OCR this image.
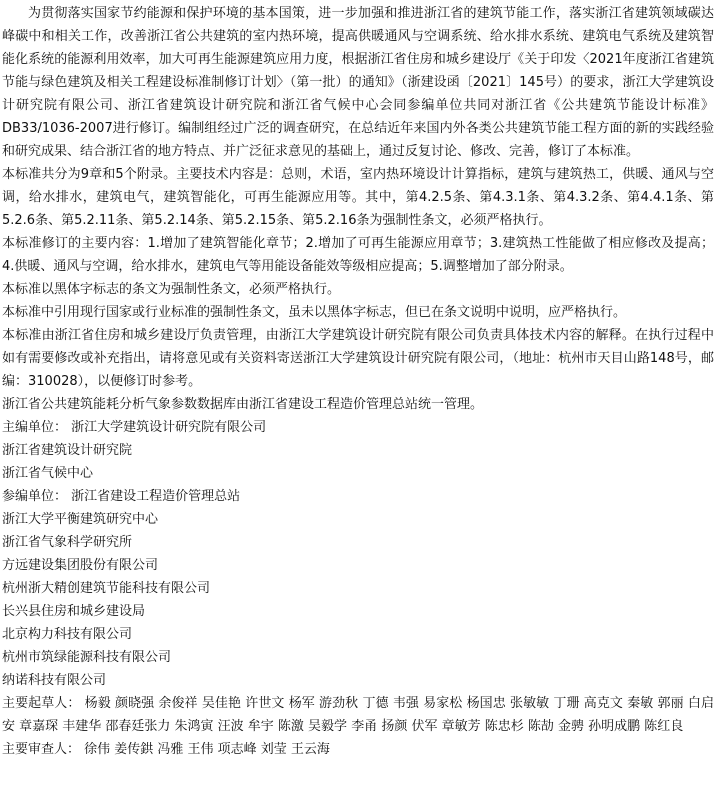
为贯彻落实国家节约能源和保护环境的基本国策，进一步加强和推进浙江省的建筑节能工作，落实浙江省建筑领域碳达峰碳中和相关工作，改善浙江省公共建筑的室内热环境，提高供暖通风与空调系统、给水排水系统、建筑电气系统及建筑智能化系统的能源利用效率，加大可再生能源建筑应用力度，根据浙江省住房和城乡建设厅《关于印发〈2021年度浙江省建筑节能与绿色建筑及相关工程建设标准制修订计划〉（第一批）的通知》（浙建设函〔2021〕145号）的要求，浙江大学建筑设计研究院有限公司、浙江省建筑设计研究院和浙江省气候中心会同参编单位共同对浙江省《公共建筑节能设计标准》DB33/1036-2007进行修订。编制组经过广泛的调查研究，在总结近年来国内外各类公共建筑节能工程方面的新的实践经验和研究成果、结合浙江省的地方特点、并广泛征求意见的基础上，通过反复讨论、修改、完善，修订了本标准。

本标准共分为9章和5个附录。主要技术内容是：总则，术语，室内热环境设计计算指标，建筑与建筑热工，供暖、通风与空调，给水排水，建筑电气，建筑智能化，可再生能源应用等。其中，第4.2.5条、第4.3.1条、第4.3.2条、第4.4.1条、第5.2.6条、第5.2.11条、第5.2.14条、第5.2.15条、第5.2.16条为强制性条文，必须严格执行。

本标准修订的主要内容：1.增加了建筑智能化章节；2.增加了可再生能源应用章节；3.建筑热工性能做了相应修改及提高；4.供暖、通风与空调，给水排水，建筑电气等用能设备能效等级相应提高；5.调整增加了部分附录。

本标准以黑体字标志的条文为强制性条文，必须严格执行。

本标准中引用现行国家或行业标准的强制性条文，虽未以黑体字标志，但已在条文说明中说明，应严格执行。

本标准由浙江省住房和城乡建设厅负责管理，由浙江大学建筑设计研究院有限公司负责具体技术内容的解释。在执行过程中如有需要修改或补充指出，请将意见或有关资料寄送浙江大学建筑设计研究院有限公司，（地址：杭州市天目山路148号，邮编：310028），以便修订时参考。

浙江省公共建筑能耗分析气象参数数据库由浙江省建设工程造价管理总站统一管理。

主编单位： 浙江大学建筑设计研究院有限公司

浙江省建筑设计研究院

浙江省气候中心

参编单位： 浙江省建设工程造价管理总站

浙江大学平衡建筑研究中心

浙江省气象科学研究所

方远建设集团股份有限公司

杭州浙大精创建筑节能科技有限公司

长兴县住房和城乡建设局

北京构力科技有限公司

杭州市筑绿能源科技有限公司

纳诺科技有限公司

主要起草人： 杨毅 颜晓强 余俊祥 吴佳艳 许世文 杨军 游劲秋 丁德 韦强 易家松 杨国忠 张敏敏 丁珊 高克文 秦敏 郭丽 白启安 章嘉琛 丰建华 邵春廷张力 朱鸿寅 汪波 牟宇 陈激 吴毅学 李甬 扬颜 伏军 章敏芳 陈忠杉 陈劼 金骋 孙明成鹏 陈红良

主要审查人： 徐伟 姜传鉷 冯雅 王伟 项志峰 刘莹 王云海
